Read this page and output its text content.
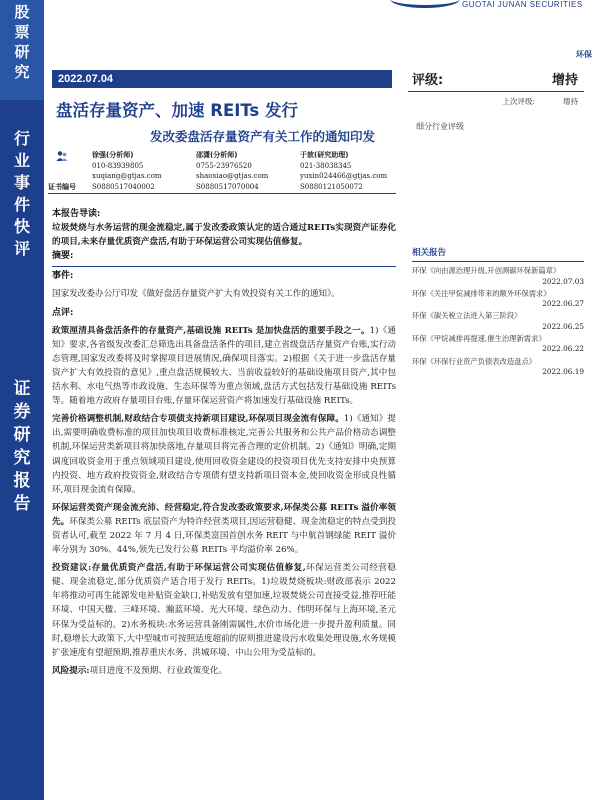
股
票
研
究
行
业
事
件
快
评
证
券
研
究
报
告
GUOTAI JUNAN SECURITIES
环保
2022.07.04
盘活存量资产、加速 REITs 发行
发改委盘活存量资产有关工作的通知印发
评级:	增持
上次评级:	增持
细分行业评级
徐强(分析师)	邵潇(分析师)	于歆(研究助理)
010-83939805	0755-23976520	021-38038345
xuqiang@gtjas.com	shaoxiao@gtjas.com	yuxin024466@gtjas.com
证书编号	S0880517040002	S0880517070004	S0880121050072

本报告导读:

垃圾焚烧与水务运营的现金流稳定,属于发改委政策认定的适合通过REITs实现资产证券化的项目,未来存量优质资产盘活,有助于环保运营公司实现估值修复。

摘要:

事件:

国家发改委办公厅印发《做好盘活存量资产扩大有效投资有关工作的通知》。

点评:

政策厘清具备盘活条件的存量资产,基础设施 REITs 是加快盘活的重要手段之一。1)《通知》要求,各省级发改委汇总筛选出具备盘活条件的项目,建立省级盘活存量资产台账,实行动态管理,国家发改委将及时掌握项目进展情况,确保项目落实。2)根据《关于进一步盘活存量资产扩大有效投资的意见》,重点盘活规模较大、当前收益较好的基础设施项目资产,其中包括水利、水电气热等市政设施、生态环保等为重点领域,盘活方式包括发行基础设施 REITs 等。随着地方政府存量项目台账,存量环保运营资产将加速发行基础设施 REITs。

完善价格调整机制,财政结合专项债支持新项目建设,环保项目现金流有保障。1)《通知》提出,需要明确收费标准的项目加快项目收费标准核定,完善公共服务和公共产品价格动态调整机制,环保运营类新项目将加快落地,存量项目将完善合理的定价机制。2)《通知》明确,定期调度回收资金用于重点领域项目建设,使用回收资金建设的投资项目优先支持安排中央预算内投资、地方政府投资资金,财政结合专项债有望支持新项目资本金,使回收资金形成良性循环,项目现金流有保障。

环保运营类资产现金流充沛、经营稳定,符合发改委政策要求,环保类公募 REITs 溢价率领先。环保类公募 REITs 底层资产为特许经营类项目,因运营稳健、现金流稳定的特点受到投资者认可,截至 2022 年 7 月 4 日,环保类富国首创水务 REIT 与中航首钢绿能 REIT 溢价率分别为 30%、44%,领先已发行公募 REITs 平均溢价率 26%。

投资建议:存量优质资产盘活,有助于环保运营公司实现估值修复,环保运营类公司经营稳健、现金流稳定,部分优质资产适合用于发行 REITs。1)垃圾焚烧板块:财政部表示 2022 年将推动可再生能源发电补贴资金缺口,补贴发放有望加速,垃圾焚烧公司直接受益,推荐旺能环境、中国天楹、三峰环境、瀚蓝环境、光大环境、绿色动力、伟明环保与上海环境,圣元环保为受益标的。2)水务板块:水务运营具备刚需属性,水价市场化进一步提升盈利质量。同时,稳增长大政策下,大中型城市可按照适度超前的原则推进建设污水收集处理设施,水务规模扩张速度有望超预期,推荐重庆水务、洪城环境、中山公用为受益标的。

风险提示:项目进度不及预期、行业政策变化。

相关报告
环保《向由源治理升级,开创测碳环保新篇章》
2022.07.03
环保《关注甲烷减排带来的额外环保需求》
2022.06.27
环保《碳关税立法进入第三阶段》
2022.06.25
环保《甲烷减排再提速,催生治理新需求》
2022.06.22
环保《环保行业资产负债表改造盘点》
2022.06.19
